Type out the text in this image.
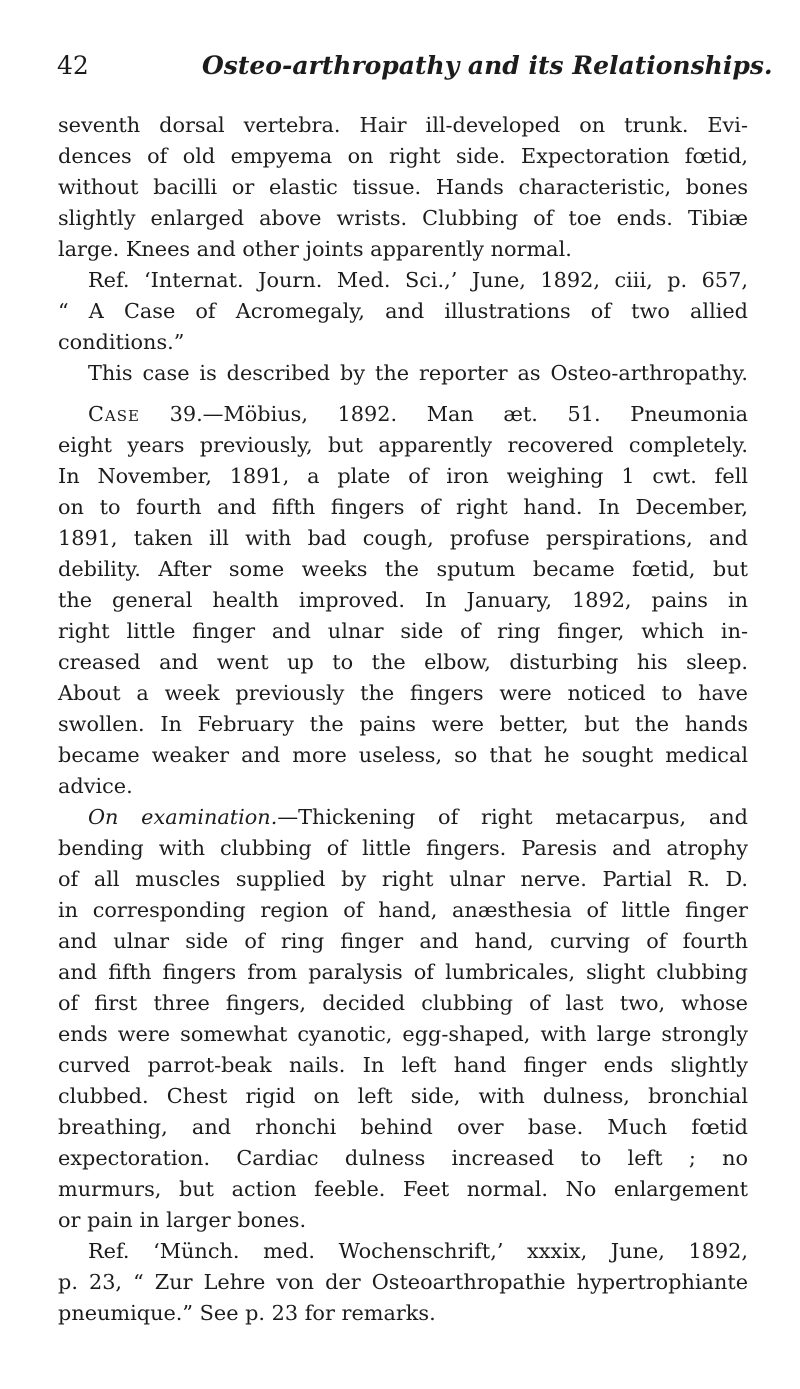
42	Osteo-arthropathy and its Relationships.
seventh dorsal vertebra. Hair ill-developed on trunk. Evi-
dences of old empyema on right side. Expectoration fœtid,
without bacilli or elastic tissue. Hands characteristic, bones
slightly enlarged above wrists. Clubbing of toe ends. Tibiæ
large. Knees and other joints apparently normal.
Ref. ‘Internat. Journ. Med. Sci.,’ June, 1892, ciii, p. 657,
“ A Case of Acromegaly, and illustrations of two allied
conditions.”
This case is described by the reporter as Osteo-arthropathy.
Case 39.—Möbius, 1892. Man æt. 51. Pneumonia
eight years previously, but apparently recovered completely.
In November, 1891, a plate of iron weighing 1 cwt. fell
on to fourth and fifth fingers of right hand. In December,
1891, taken ill with bad cough, profuse perspirations, and
debility. After some weeks the sputum became fœtid, but
the general health improved. In January, 1892, pains in
right little finger and ulnar side of ring finger, which in-
creased and went up to the elbow, disturbing his sleep.
About a week previously the fingers were noticed to have
swollen. In February the pains were better, but the hands
became weaker and more useless, so that he sought medical
advice.
On examination.—Thickening of right metacarpus, and
bending with clubbing of little fingers. Paresis and atrophy
of all muscles supplied by right ulnar nerve. Partial R. D.
in corresponding region of hand, anæsthesia of little finger
and ulnar side of ring finger and hand, curving of fourth
and fifth fingers from paralysis of lumbricales, slight clubbing
of first three fingers, decided clubbing of last two, whose
ends were somewhat cyanotic, egg-shaped, with large strongly
curved parrot-beak nails. In left hand finger ends slightly
clubbed. Chest rigid on left side, with dulness, bronchial
breathing, and rhonchi behind over base. Much fœtid
expectoration. Cardiac dulness increased to left ; no
murmurs, but action feeble. Feet normal. No enlargement
or pain in larger bones.
Ref. ‘Münch. med. Wochenschrift,’ xxxix, June, 1892,
p. 23, “ Zur Lehre von der Osteoarthropathie hypertrophiante
pneumique.” See p. 23 for remarks.
